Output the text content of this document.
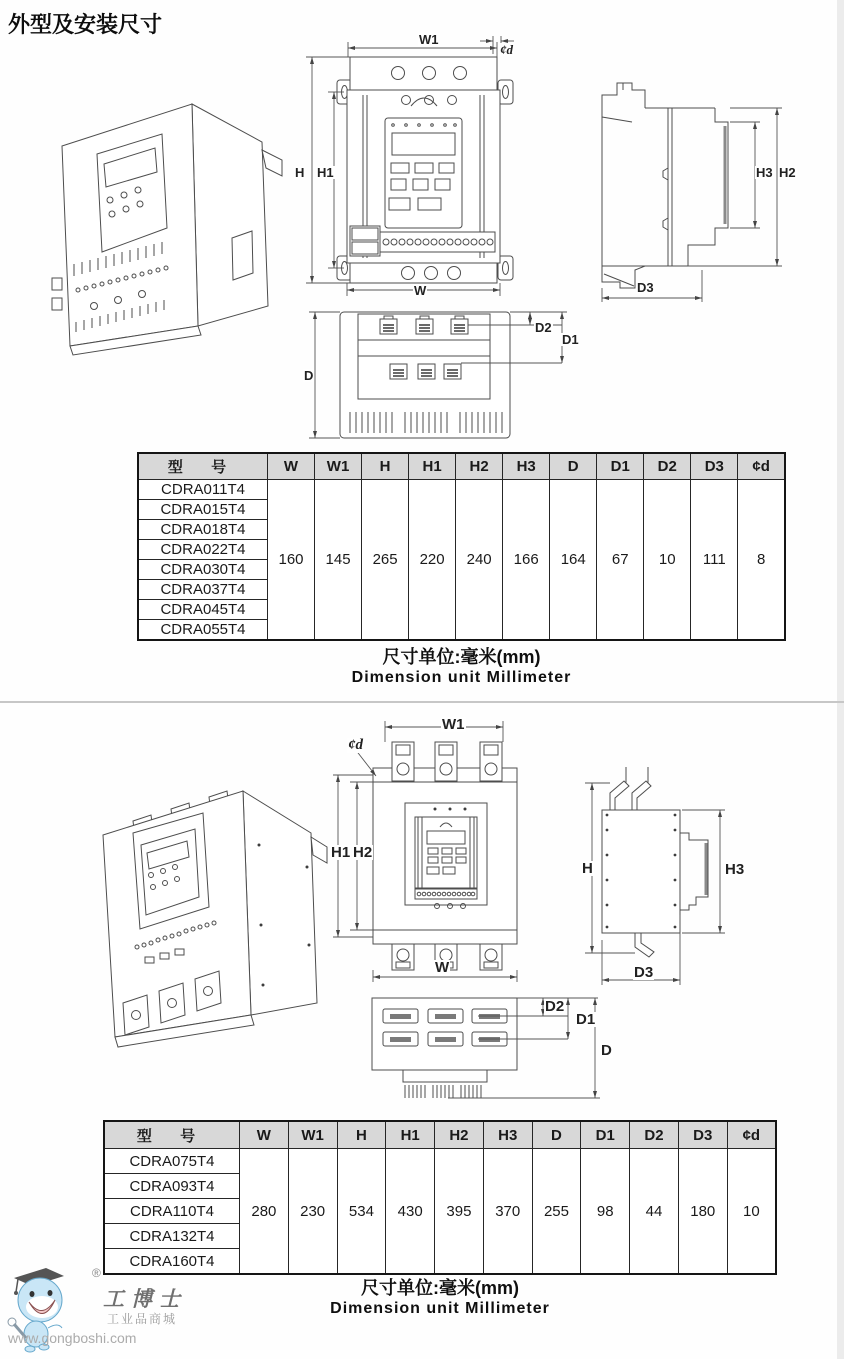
外型及安装尺寸
W1
¢d
H H1
W
H3 H2
D3
D
D2
D1
型 号	W	W1	H	H1	H2	H3	D	D1	D2	D3	¢d
CDRA011T4	160	145	265	220	240	166	164	67	10	111	8
CDRA015T4											
CDRA018T4											
CDRA022T4											
CDRA030T4											
CDRA037T4											
CDRA045T4											
CDRA055T4											
尺寸单位:毫米(mm)
Dimension unit Millimeter
W1
¢d
H1 H2
W
H	H3
D3
D2
D1
D
型 号	W	W1	H	H1	H2	H3	D	D1	D2	D3	¢d
CDRA075T4	280	230	534	430	395	370	255	98	44	180	10
CDRA093T4											
CDRA110T4											
CDRA132T4											
CDRA160T4											
尺寸单位:毫米(mm)
Dimension unit Millimeter
®
工博士
工业品商城
www.gongboshi.com
